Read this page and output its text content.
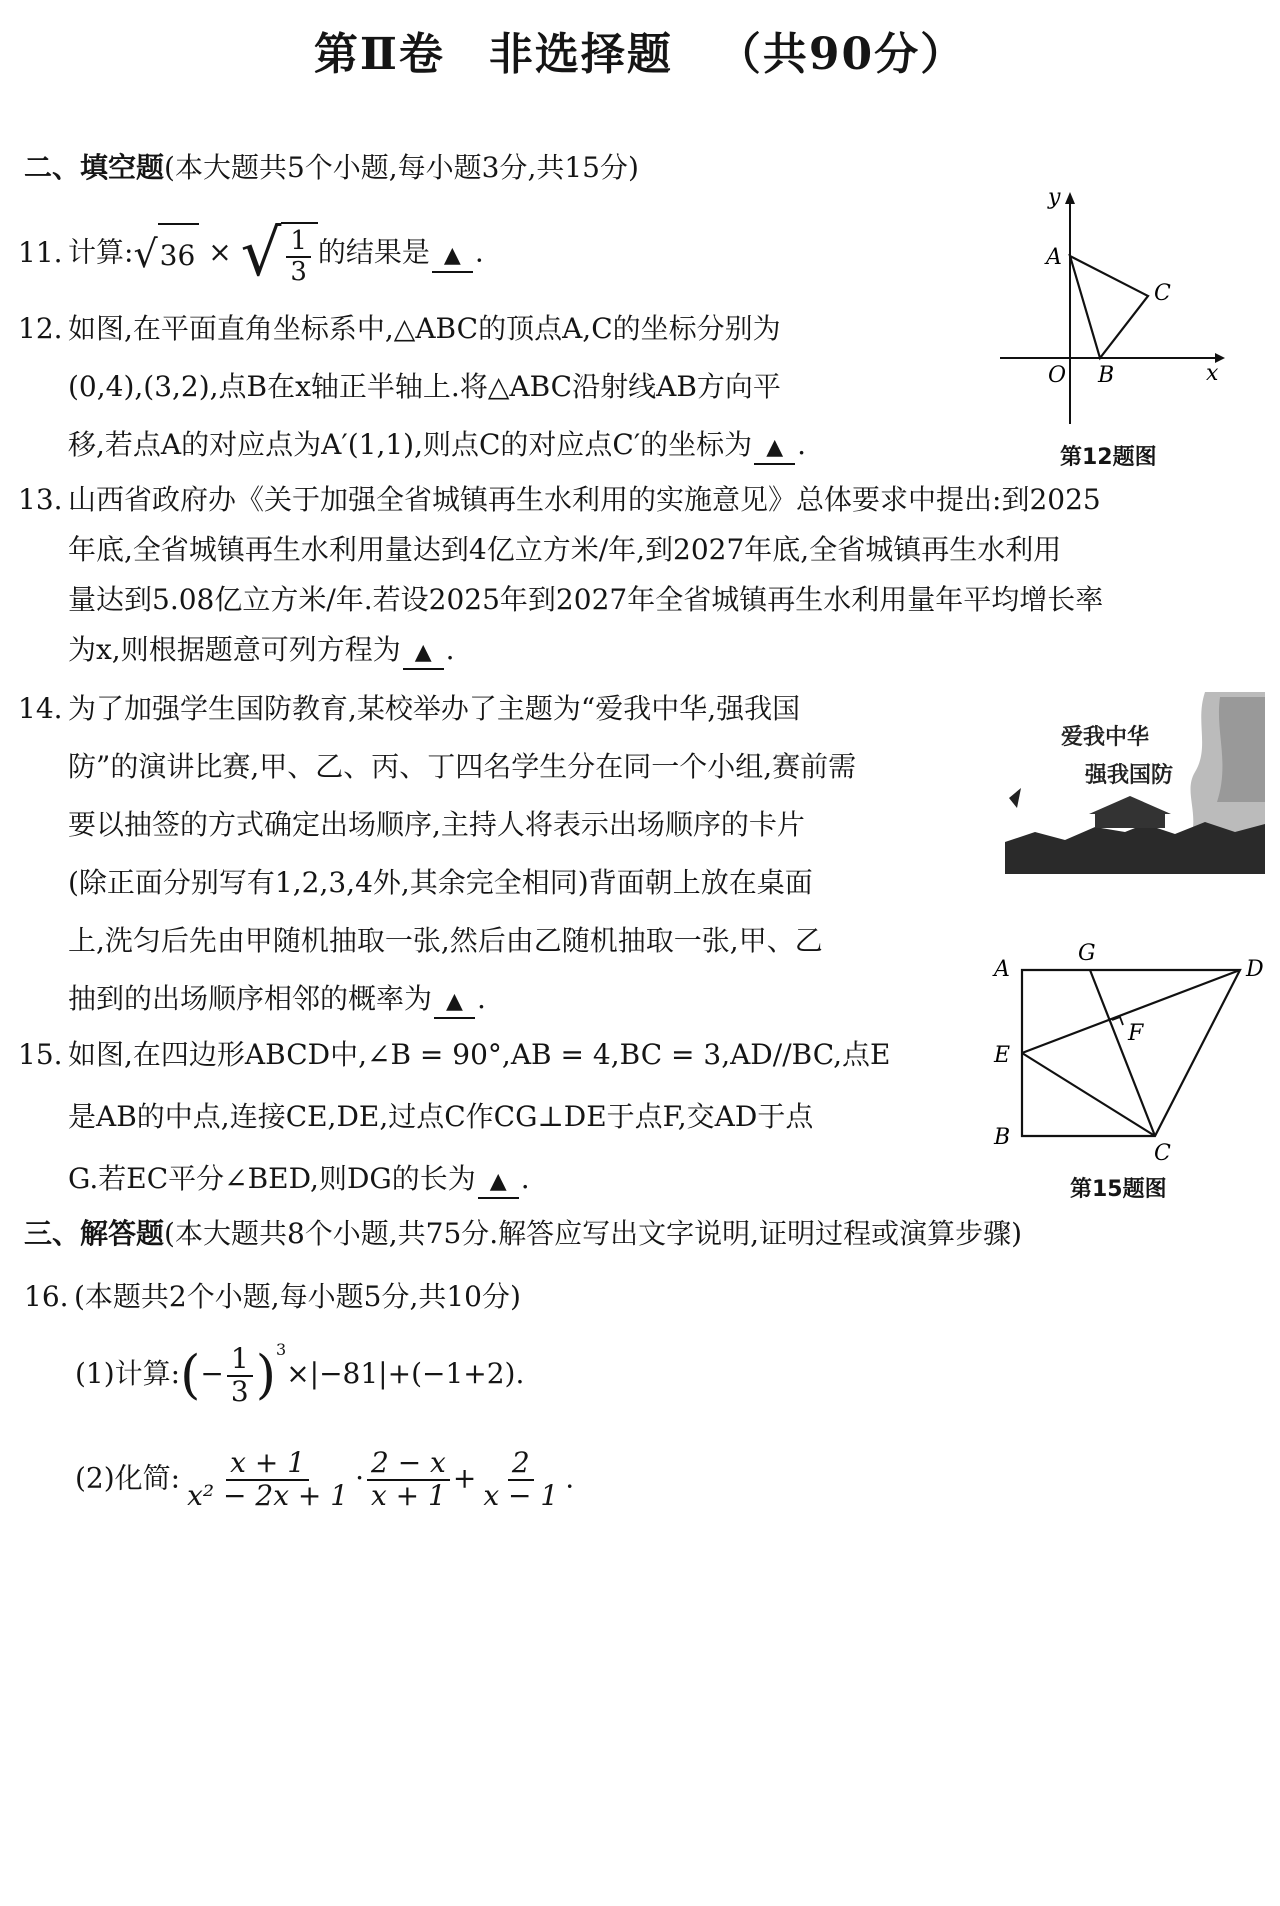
第Ⅱ卷 非选择题 （共90分）
二、填空题(本大题共5个小题,每小题3分,共15分)
11. 计算: √ 36 × √ $\frac{1}{3}$ 的结果是 ▲ .
12. 如图,在平面直角坐标系中,△ABC的顶点A,C的坐标分别为
(0,4),(3,2),点B在x轴正半轴上.将△ABC沿射线AB方向平
移,若点A的对应点为A′(1,1),则点C的对应点C′的坐标为 ▲ .
y
x
O
A
B
C
第12题图
13. 山西省政府办《关于加强全省城镇再生水利用的实施意见》总体要求中提出:到2025
年底,全省城镇再生水利用量达到4亿立方米/年,到2027年底,全省城镇再生水利用
量达到5.08亿立方米/年.若设2025年到2027年全省城镇再生水利用量年平均增长率
为x,则根据题意可列方程为 ▲ .
14. 为了加强学生国防教育,某校举办了主题为“爱我中华,强我国
防”的演讲比赛,甲、乙、丙、丁四名学生分在同一个小组,赛前需
要以抽签的方式确定出场顺序,主持人将表示出场顺序的卡片
(除正面分别写有1,2,3,4外,其余完全相同)背面朝上放在桌面
上,洗匀后先由甲随机抽取一张,然后由乙随机抽取一张,甲、乙
抽到的出场顺序相邻的概率为 ▲ .
爱我中华
强我国防
A
G
D
F
E
B
C
第15题图
15. 如图,在四边形ABCD中,∠B = 90°,AB = 4,BC = 3,AD//BC,点E
是AB的中点,连接CE,DE,过点C作CG⊥DE于点F,交AD于点
G.若EC平分∠BED,则DG的长为 ▲ .
三、解答题(本大题共8个小题,共75分.解答应写出文字说明,证明过程或演算步骤)
16. (本题共2个小题,每小题5分,共10分)
(1)计算:(− $\frac{1}{3} )^3\times|-81|+(-1+2)$.
(2)化简: $\frac{x + 1}{\text{x² − 2x + 1}} \cdot \frac{2 - x}{x + 1} + \frac{2}{x - 1}$ .
